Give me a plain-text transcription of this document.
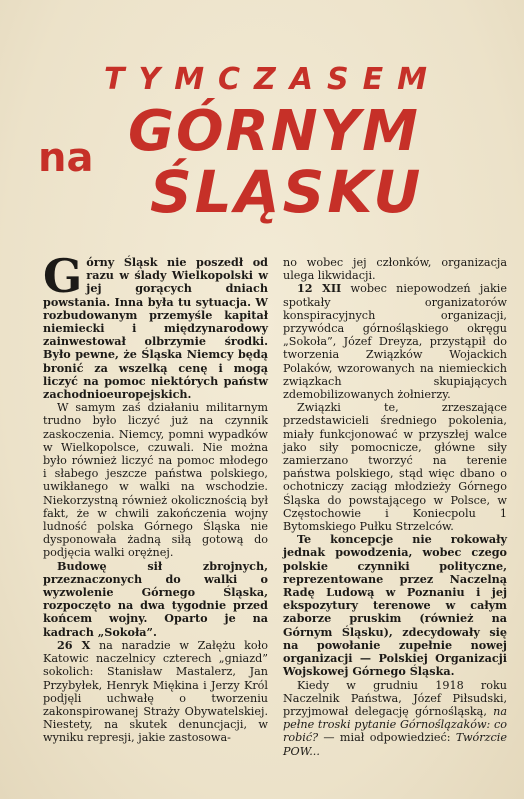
TYMCZASEM
na GÓRNYM
ŚLĄSKU

Górny Śląsk nie poszedł od razu w ślady Wielkopolski w jej gorących dniach powstania. Inna była tu sytuacja. W rozbudowanym przemyśle kapitał niemiecki i międzynarodowy zainwestował olbrzymie środki. Było pewne, że Śląska Niemcy będą bronić za wszelką cenę i mogą liczyć na pomoc niektórych państw zachodnioeuropejskich.

W samym zaś działaniu militarnym trudno było liczyć już na czynnik zaskoczenia. Niemcy, pomni wypadków w Wielkopolsce, czuwali. Nie można było również liczyć na pomoc młodego i słabego jeszcze państwa polskiego, uwikłanego w walki na wschodzie. Niekorzystną również okolicznością był fakt, że w chwili zakończenia wojny ludność polska Górnego Śląska nie dysponowała żadną siłą gotową do podjęcia walki orężnej.

Budowę sił zbrojnych, przeznaczonych do walki o wyzwolenie Górnego Śląska, rozpoczęto na dwa tygodnie przed końcem wojny. Oparto je na kadrach „Sokoła”.

26 X na naradzie w Załężu koło Katowic naczelnicy czterech „gniazd” sokolich: Stanisław Mastalerz, Jan Przybyłek, Henryk Miękina i Jerzy Król podjęli uchwałę o tworzeniu zakonspirowanej Straży Obywatelskiej. Niestety, na skutek denuncjacji, w wyniku represji, jakie zastosowa-

no wobec jej członków, organizacja ulega likwidacji.

12 XII wobec niepowodzeń jakie spotkały organizatorów konspiracyjnych organizacji, przywódca górnośląskiego okręgu „Sokoła”, Józef Dreyza, przystąpił do tworzenia Związków Wojackich Polaków, wzorowanych na niemieckich związkach skupiających zdemobilizowanych żołnierzy.

Związki te, zrzeszające przedstawicieli średniego pokolenia, miały funkcjonować w przyszłej walce jako siły pomocnicze, główne siły zamierzano tworzyć na terenie państwa polskiego, stąd więc dbano o ochotniczy zaciąg młodzieży Górnego Śląska do powstającego w Polsce, w Częstochowie i Koniecpolu 1 Bytomskiego Pułku Strzelców.

Te koncepcje nie rokowały jednak powodzenia, wobec czego polskie czynniki polityczne, reprezentowane przez Naczelną Radę Ludową w Poznaniu i jej ekspozytury terenowe w całym zaborze pruskim (również na Górnym Śląsku), zdecydowały się na powołanie zupełnie nowej organizacji — Polskiej Organizacji Wojskowej Górnego Śląska.

Kiedy w grudniu 1918 roku Naczelnik Państwa, Józef Piłsudski, przyjmował delegację górnośląską, na pełne troski pytanie Górnoślązaków: co robić? — miał odpowiedzieć: Twórzcie POW...
